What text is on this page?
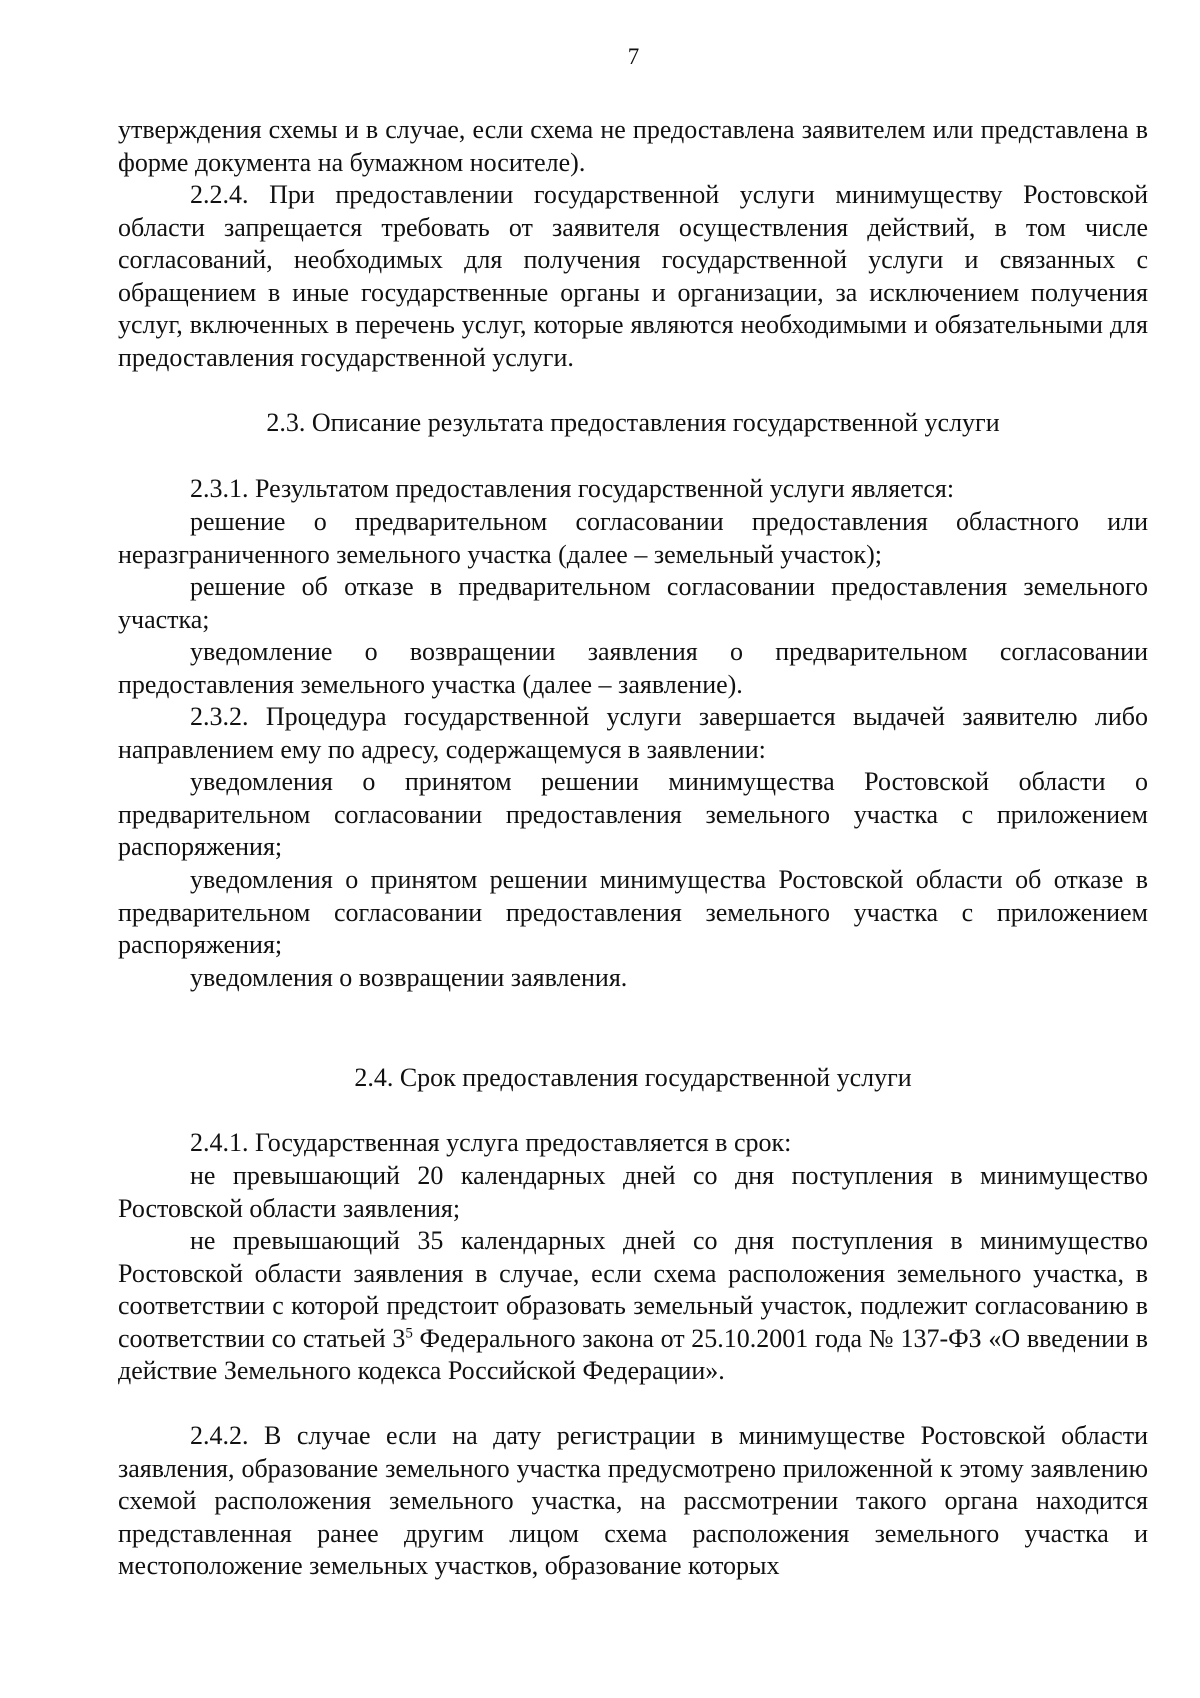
7
утверждения схемы и в случае, если схема не предоставлена заявителем или представлена в форме документа на бумажном носителе).
2.2.4. При предоставлении государственной услуги минимуществу Ростовской области запрещается требовать от заявителя осуществления действий, в том числе согласований, необходимых для получения государственной услуги и связанных с обращением в иные государственные органы и организации, за исключением получения услуг, включенных в перечень услуг, которые являются необходимыми и обязательными для предоставления государственной услуги.
2.3. Описание результата предоставления государственной услуги
2.3.1. Результатом предоставления государственной услуги является:
решение о предварительном согласовании предоставления областного или неразграниченного земельного участка (далее – земельный участок);
решение об отказе в предварительном согласовании предоставления земельного участка;
уведомление о возвращении заявления о предварительном согласовании предоставления земельного участка (далее – заявление).
2.3.2. Процедура государственной услуги завершается выдачей заявителю либо направлением ему по адресу, содержащемуся в заявлении:
уведомления о принятом решении минимущества Ростовской области о предварительном согласовании предоставления земельного участка с приложением распоряжения;
уведомления о принятом решении минимущества Ростовской области об отказе в предварительном согласовании предоставления земельного участка с приложением распоряжения;
уведомления о возвращении заявления.
2.4. Срок предоставления государственной услуги
2.4.1. Государственная услуга предоставляется в срок:
не превышающий 20 календарных дней со дня поступления в минимущество Ростовской области заявления;
не превышающий 35 календарных дней со дня поступления в минимущество Ростовской области заявления в случае, если схема расположения земельного участка, в соответствии с которой предстоит образовать земельный участок, подлежит согласованию в соответствии со статьей $3^5$ Федерального закона от 25.10.2001 года № 137-ФЗ «О введении в действие Земельного кодекса Российской Федерации».
2.4.2. В случае если на дату регистрации в минимуществе Ростовской области заявления, образование земельного участка предусмотрено приложенной к этому заявлению схемой расположения земельного участка, на рассмотрении такого органа находится представленная ранее другим лицом схема расположения земельного участка и местоположение земельных участков, образование которых
